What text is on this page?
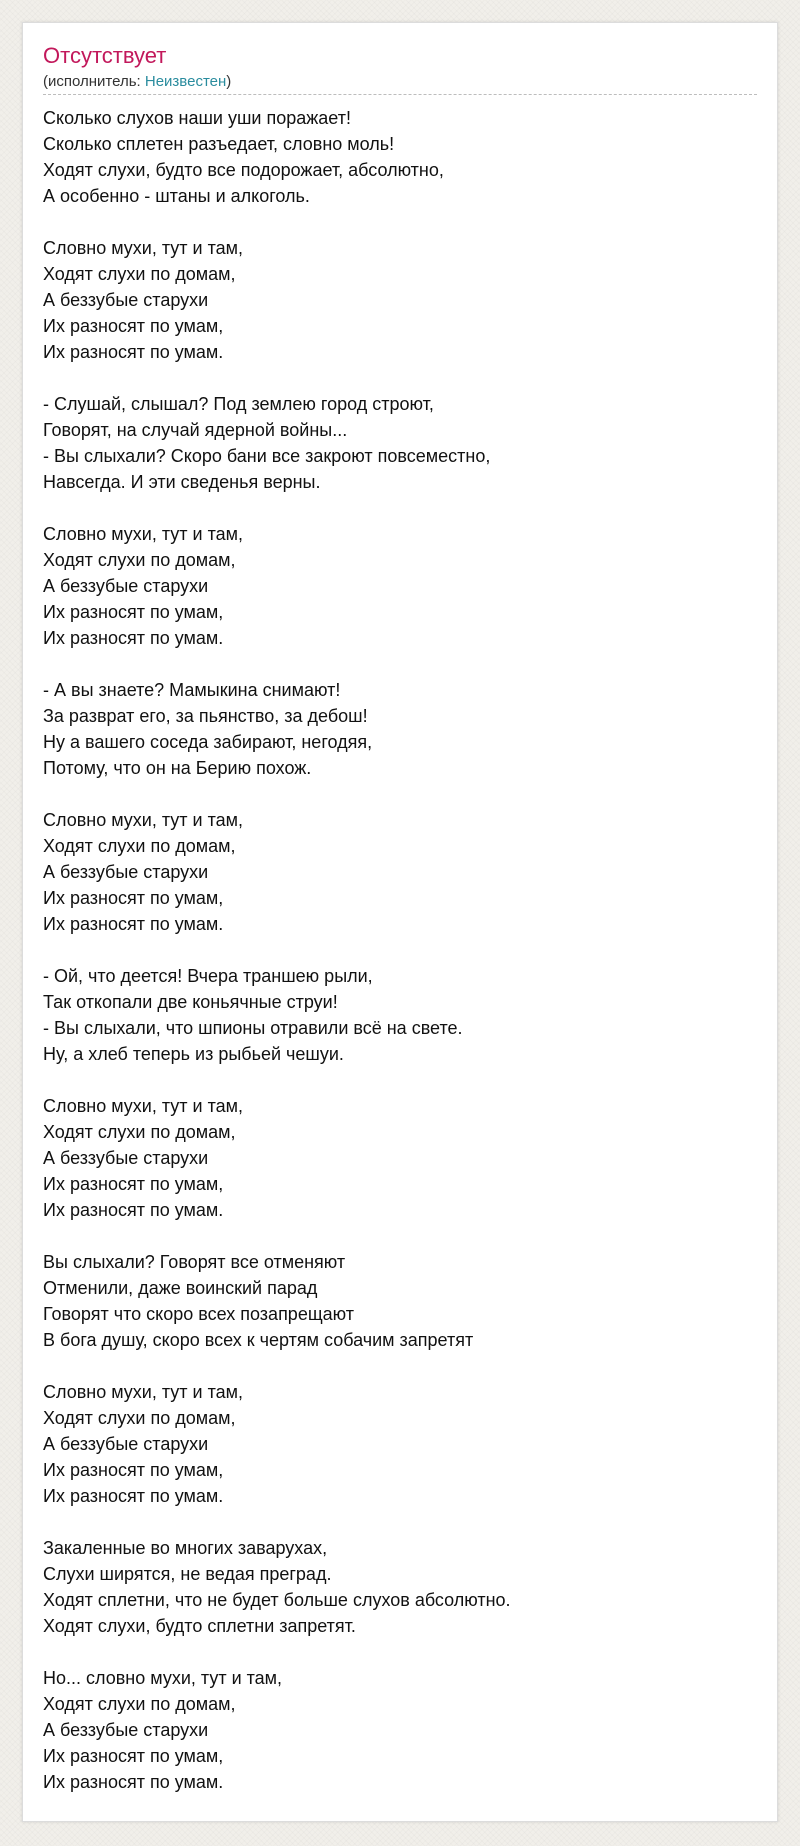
Отсутствует
(исполнитель: Неизвестен)
Сколько слухов наши уши поражает!
Сколько сплетен разъедает, словно моль!
Ходят слухи, будто все подорожает, абсолютно,
А особенно - штаны и алкоголь.
Словно мухи, тут и там,
Ходят слухи по домам,
А беззубые старухи
Их разносят по умам,
Их разносят по умам.
- Слушай, слышал? Под землею город строют,
Говорят, на случай ядерной войны...
- Вы слыхали? Скоро бани все закроют повсеместно,
Навсегда. И эти сведенья верны.
Словно мухи, тут и там,
Ходят слухи по домам,
А беззубые старухи
Их разносят по умам,
Их разносят по умам.
- А вы знаете? Мамыкина снимают!
За разврат его, за пьянство, за дебош!
Ну а вашего соседа забирают, негодяя,
Потому, что он на Берию похож.
Словно мухи, тут и там,
Ходят слухи по домам,
А беззубые старухи
Их разносят по умам,
Их разносят по умам.
- Ой, что деется! Вчера траншею рыли,
Так откопали две коньячные струи!
- Вы слыхали, что шпионы отравили всё на свете.
Ну, а хлеб теперь из рыбьей чешуи.
Словно мухи, тут и там,
Ходят слухи по домам,
А беззубые старухи
Их разносят по умам,
Их разносят по умам.
Вы слыхали? Говорят все отменяют
Отменили, даже воинский парад
Говорят что скоро всех позапрещают
В бога душу, скоро всех к чертям собачим запретят
Словно мухи, тут и там,
Ходят слухи по домам,
А беззубые старухи
Их разносят по умам,
Их разносят по умам.
Закаленные во многих заварухах,
Слухи ширятся, не ведая преград.
Ходят сплетни, что не будет больше слухов абсолютно.
Ходят слухи, будто сплетни запретят.
Но... словно мухи, тут и там,
Ходят слухи по домам,
А беззубые старухи
Их разносят по умам,
Их разносят по умам.
